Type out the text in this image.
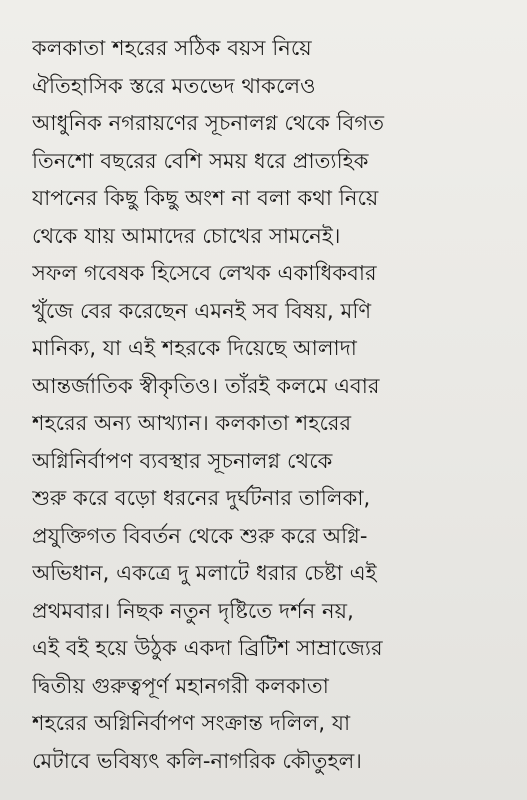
কলকাতা শহরের সঠিক বয়স নিয়ে
ঐতিহাসিক স্তরে মতভেদ থাকলেও
আধুনিক নগরায়ণের সূচনালগ্ন থেকে বিগত
তিনশো বছরের বেশি সময় ধরে প্রাত্যহিক
যাপনের কিছু কিছু অংশ না বলা কথা নিয়ে
থেকে যায় আমাদের চোখের সামনেই।
সফল গবেষক হিসেবে লেখক একাধিকবার
খুঁজে বের করেছেন এমনই সব বিষয়, মণি
মানিক্য, যা এই শহরকে দিয়েছে আলাদা
আন্তর্জাতিক স্বীকৃতিও। তাঁরই কলমে এবার
শহরের অন্য আখ্যান। কলকাতা শহরের
অগ্নিনির্বাপণ ব্যবস্থার সূচনালগ্ন থেকে
শুরু করে বড়ো ধরনের দুর্ঘটনার তালিকা,
প্রযুক্তিগত বিবর্তন থেকে শুরু করে অগ্নি-
অভিধান, একত্রে দু মলাটে ধরার চেষ্টা এই
প্রথমবার। নিছক নতুন দৃষ্টিতে দর্শন নয়,
এই বই হয়ে উঠুক একদা ব্রিটিশ সাম্রাজ্যের
দ্বিতীয় গুরুত্বপূর্ণ মহানগরী কলকাতা
শহরের অগ্নিনির্বাপণ সংক্রান্ত দলিল, যা
মেটাবে ভবিষ্যৎ কলি-নাগরিক কৌতুহল।
